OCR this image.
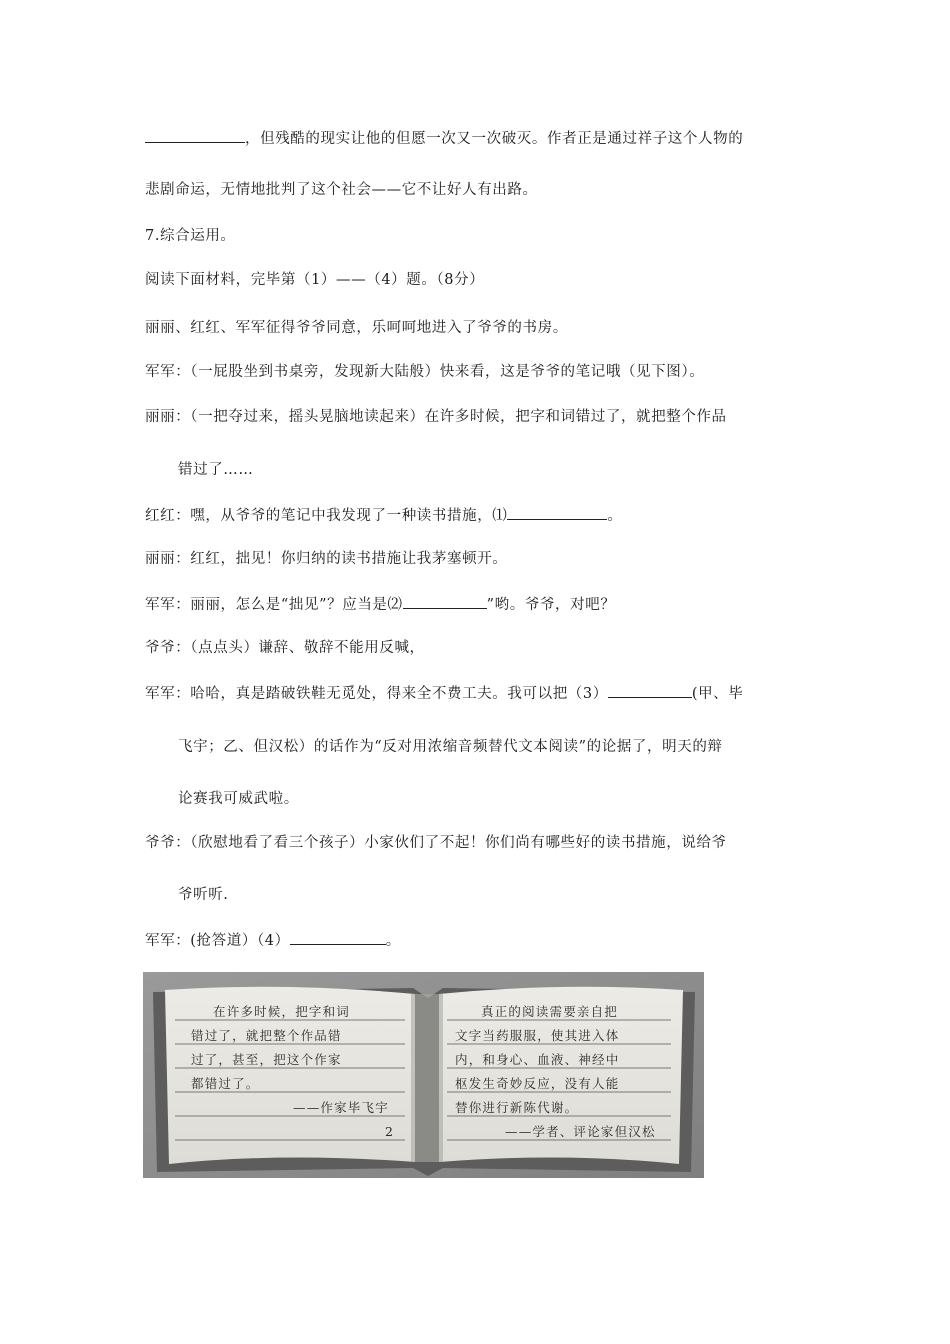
，但残酷的现实让他的但愿一次又一次破灭。作者正是通过祥子这个人物的
悲剧命运，无情地批判了这个社会——它不让好人有出路。
7.综合运用。
阅读下面材料，完毕第（1）——（4）题。（8分）
丽丽、红红、军军征得爷爷同意，乐呵呵地进入了爷爷的书房。
军军：（一屁股坐到书桌旁，发现新大陆般）快来看，这是爷爷的笔记哦（见下图）。
丽丽：（一把夺过来，摇头晃脑地读起来）在许多时候，把字和词错过了，就把整个作品
错过了……
红红：嘿，从爷爷的笔记中我发现了一种读书措施，⑴	。
丽丽：红红，拙见！你归纳的读书措施让我茅塞顿开。
军军：丽丽，怎么是“拙见”？应当是⑵	”哟。爷爷，对吧？
爷爷：（点点头）谦辞、敬辞不能用反喊，
军军：哈哈，真是踏破铁鞋无觅处，得来全不费工夫。我可以把（3）	(甲、毕
飞宇；乙、但汉松）的话作为“反对用浓缩音频替代文本阅读”的论据了，明天的辩
论赛我可威武啦。
爷爷：（欣慰地看了看三个孩子）小家伙们了不起！你们尚有哪些好的读书措施，说给爷
爷听听.
军军：(抢答道）（4）	。
在许多时候，把字和词
错过了，就把整个作品错
过了，甚至，把这个作家
都错过了。
——作家毕飞宇
2
真正的阅读需要亲自把
文字当药服服，使其进入体
内，和身心、血液、神经中
枢发生奇妙反应，没有人能
替你进行新陈代谢。
——学者、评论家但汉松
